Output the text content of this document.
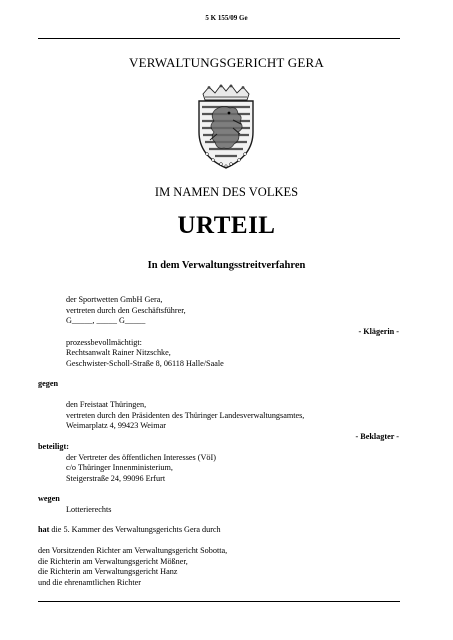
5 K 155/09 Ge
VERWALTUNGSGERICHT GERA
IM NAMEN DES VOLKES
URTEIL
In dem Verwaltungsstreitverfahren
der Sportwetten GmbH Gera,
vertreten durch den Geschäftsführer,
G_____, _____ G_____
- Klägerin -
prozessbevollmächtigt:
Rechtsanwalt Rainer Nitzschke,
Geschwister-Scholl-Straße 8, 06118 Halle/Saale
gegen
den Freistaat Thüringen,
vertreten durch den Präsidenten des Thüringer Landesverwaltungsamtes,
Weimarplatz 4, 99423 Weimar
- Beklagter -
beteiligt:
der Vertreter des öffentlichen Interesses (VöI)
c/o Thüringer Innenministerium,
Steigerstraße 24, 99096 Erfurt
wegen
Lotterierechts
hat die 5. Kammer des Verwaltungsgerichts Gera durch
den Vorsitzenden Richter am Verwaltungsgericht Sobotta,
die Richterin am Verwaltungsgericht Mößner,
die Richterin am Verwaltungsgericht Hanz
und die ehrenamtlichen Richter
